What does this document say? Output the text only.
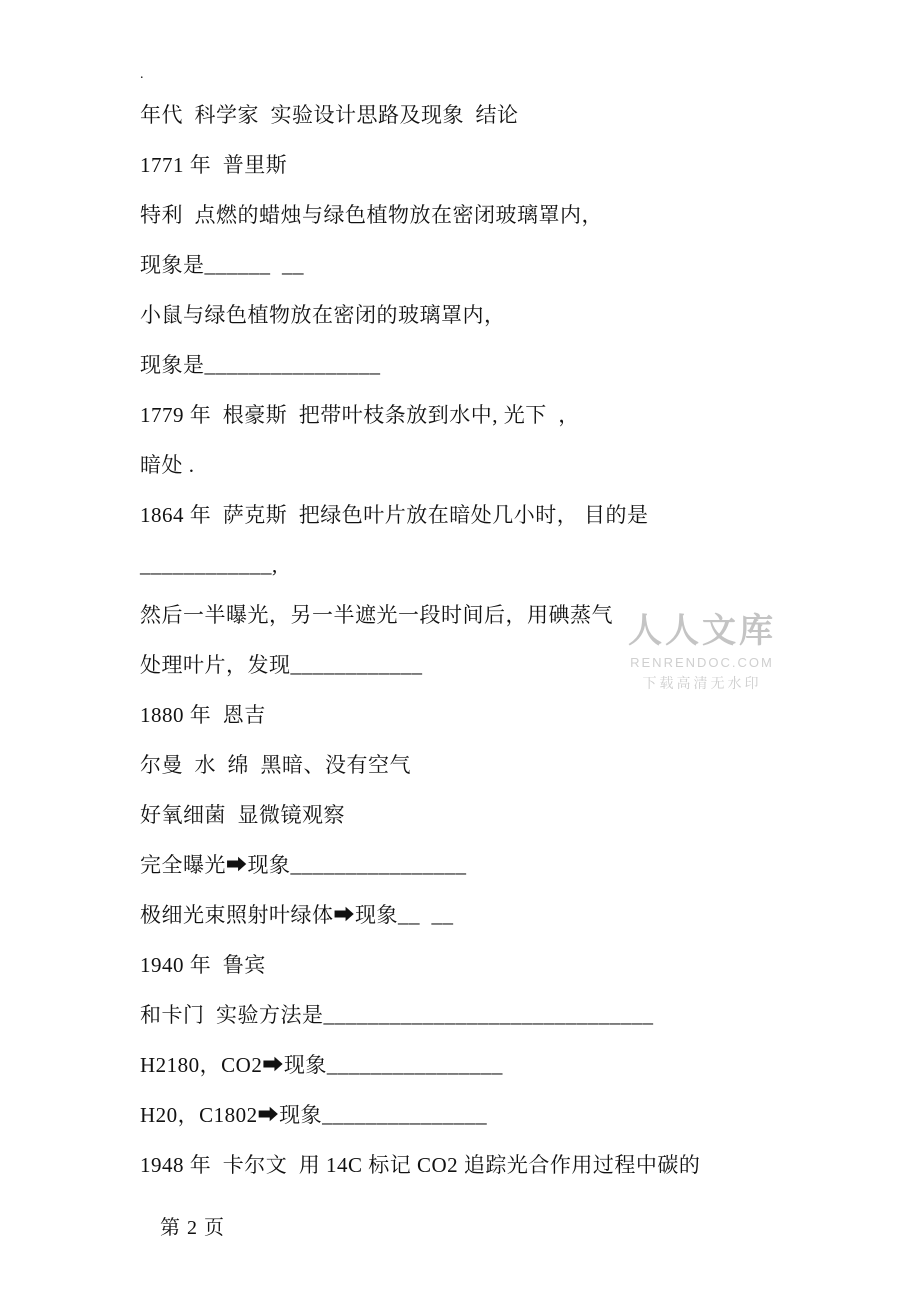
.
年代  科学家  实验设计思路及现象  结论
1771 年  普里斯
特利  点燃的蜡烛与绿色植物放在密闭玻璃罩内，
现象是______  __
小鼠与绿色植物放在密闭的玻璃罩内，
现象是________________
1779 年  根豪斯  把带叶枝条放到水中, 光下  ，
暗处 .
1864 年  萨克斯  把绿色叶片放在暗处几小时， 目的是
____________,
然后一半曝光，另一半遮光一段时间后，用碘蒸气
处理叶片，发现____________
1880 年  恩吉
尔曼  水  绵  黑暗、没有空气
好氧细菌  显微镜观察
完全曝光➡现象________________
极细光束照射叶绿体➡现象__  __
1940 年  鲁宾
和卡门  实验方法是______________________________
H2180，CO2➡现象________________
H20，C1802➡现象_______________
1948 年  卡尔文  用 14C 标记 CO2 追踪光合作用过程中碳的
人人文库
RENRENDOC.COM
下载高清无水印
第 2 页
